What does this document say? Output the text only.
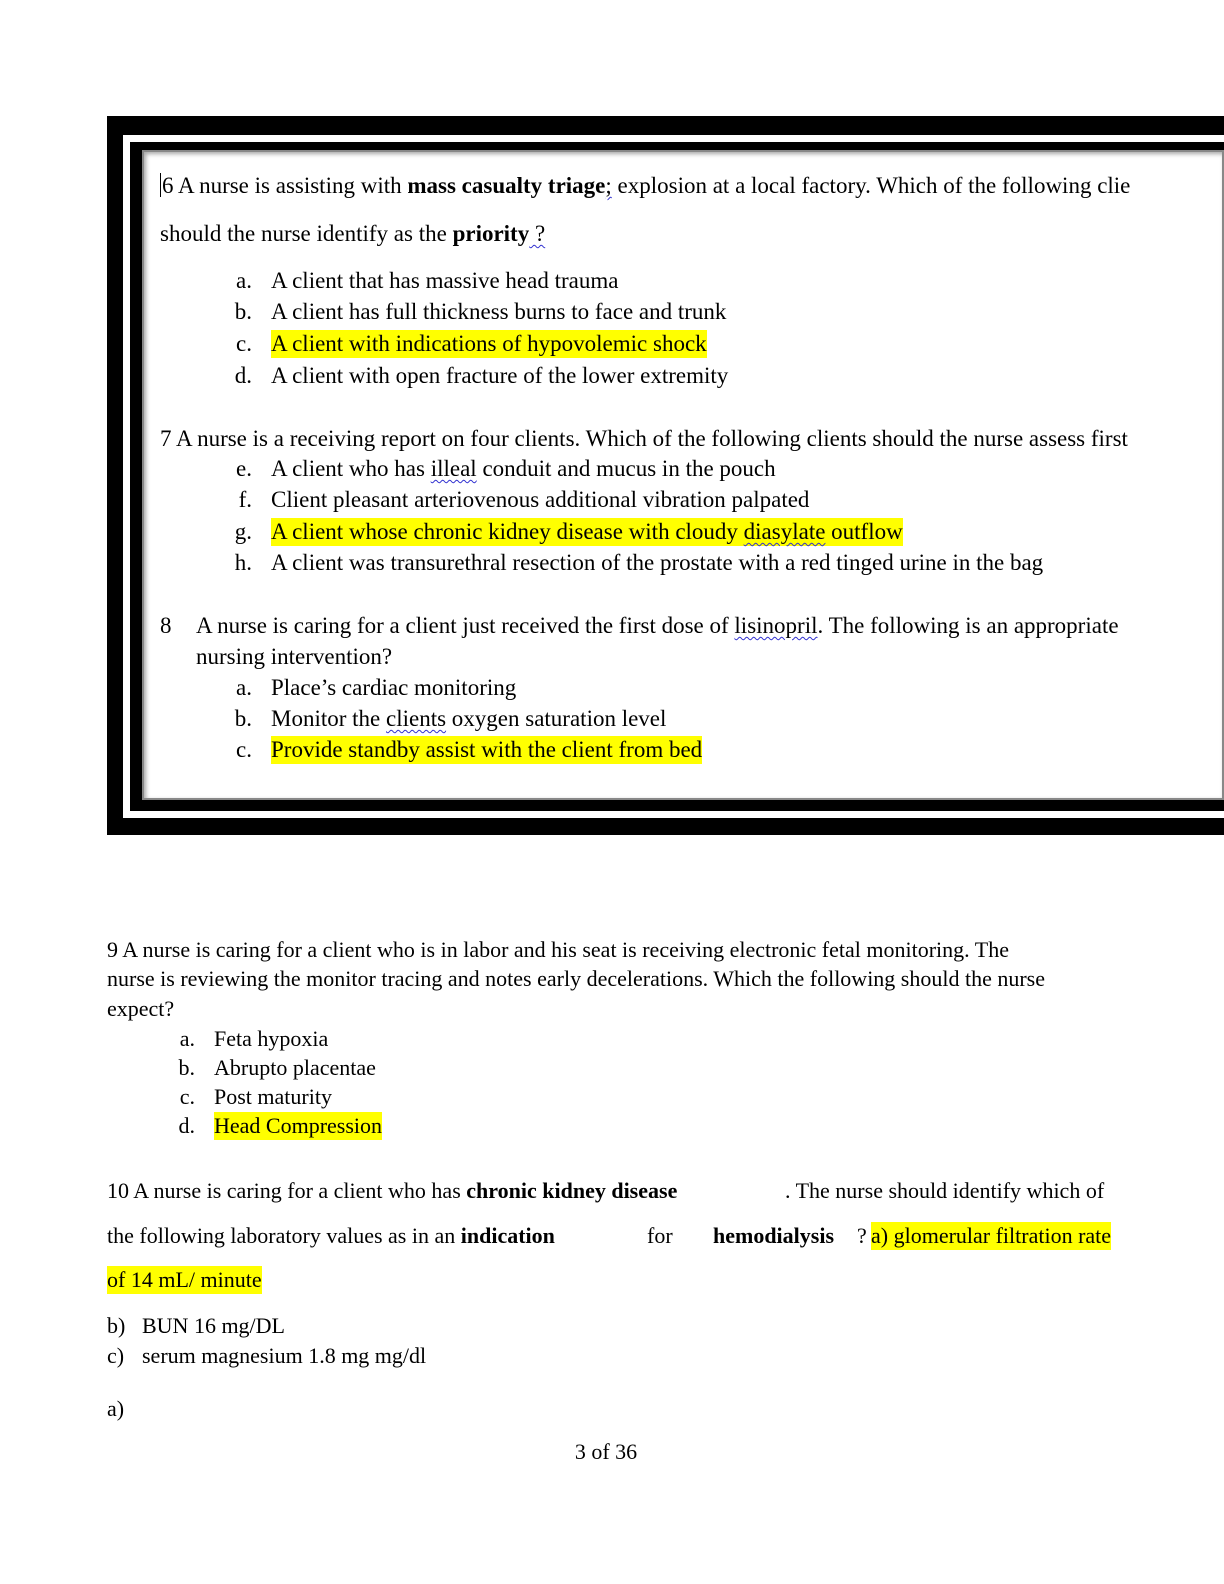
6 A nurse is assisting with mass casualty triage; explosion at a local factory. Which of the following clie
should the nurse identify as the priority ?
a. A client that has massive head trauma
b. A client has full thickness burns to face and trunk
c. A client with indications of hypovolemic shock
d. A client with open fracture of the lower extremity
7 A nurse is a receiving report on four clients. Which of the following clients should the nurse assess first
e. A client who has illeal conduit and mucus in the pouch
f. Client pleasant arteriovenous additional vibration palpated
g. A client whose chronic kidney disease with cloudy diasylate outflow
h. A client was transurethral resection of the prostate with a red tinged urine in the bag
8 A nurse is caring for a client just received the first dose of lisinopril. The following is an appropriate
nursing intervention?
a. Place’s cardiac monitoring
b. Monitor the clients oxygen saturation level
c. Provide standby assist with the client from bed
9 A nurse is caring for a client who is in labor and his seat is receiving electronic fetal monitoring. The
nurse is reviewing the monitor tracing and notes early decelerations. Which the following should the nurse
expect?
a. Feta hypoxia
b. Abrupto placentae
c. Post maturity
d. Head Compression
10 A nurse is caring for a client who has chronic kidney disease	. The nurse should identify which of
the following laboratory values as in an indication	for hemodialysis ? a) glomerular filtration rate
of 14 mL/ minute
b) BUN 16 mg/DL
c) serum magnesium 1.8 mg mg/dl
a)
3 of 36
